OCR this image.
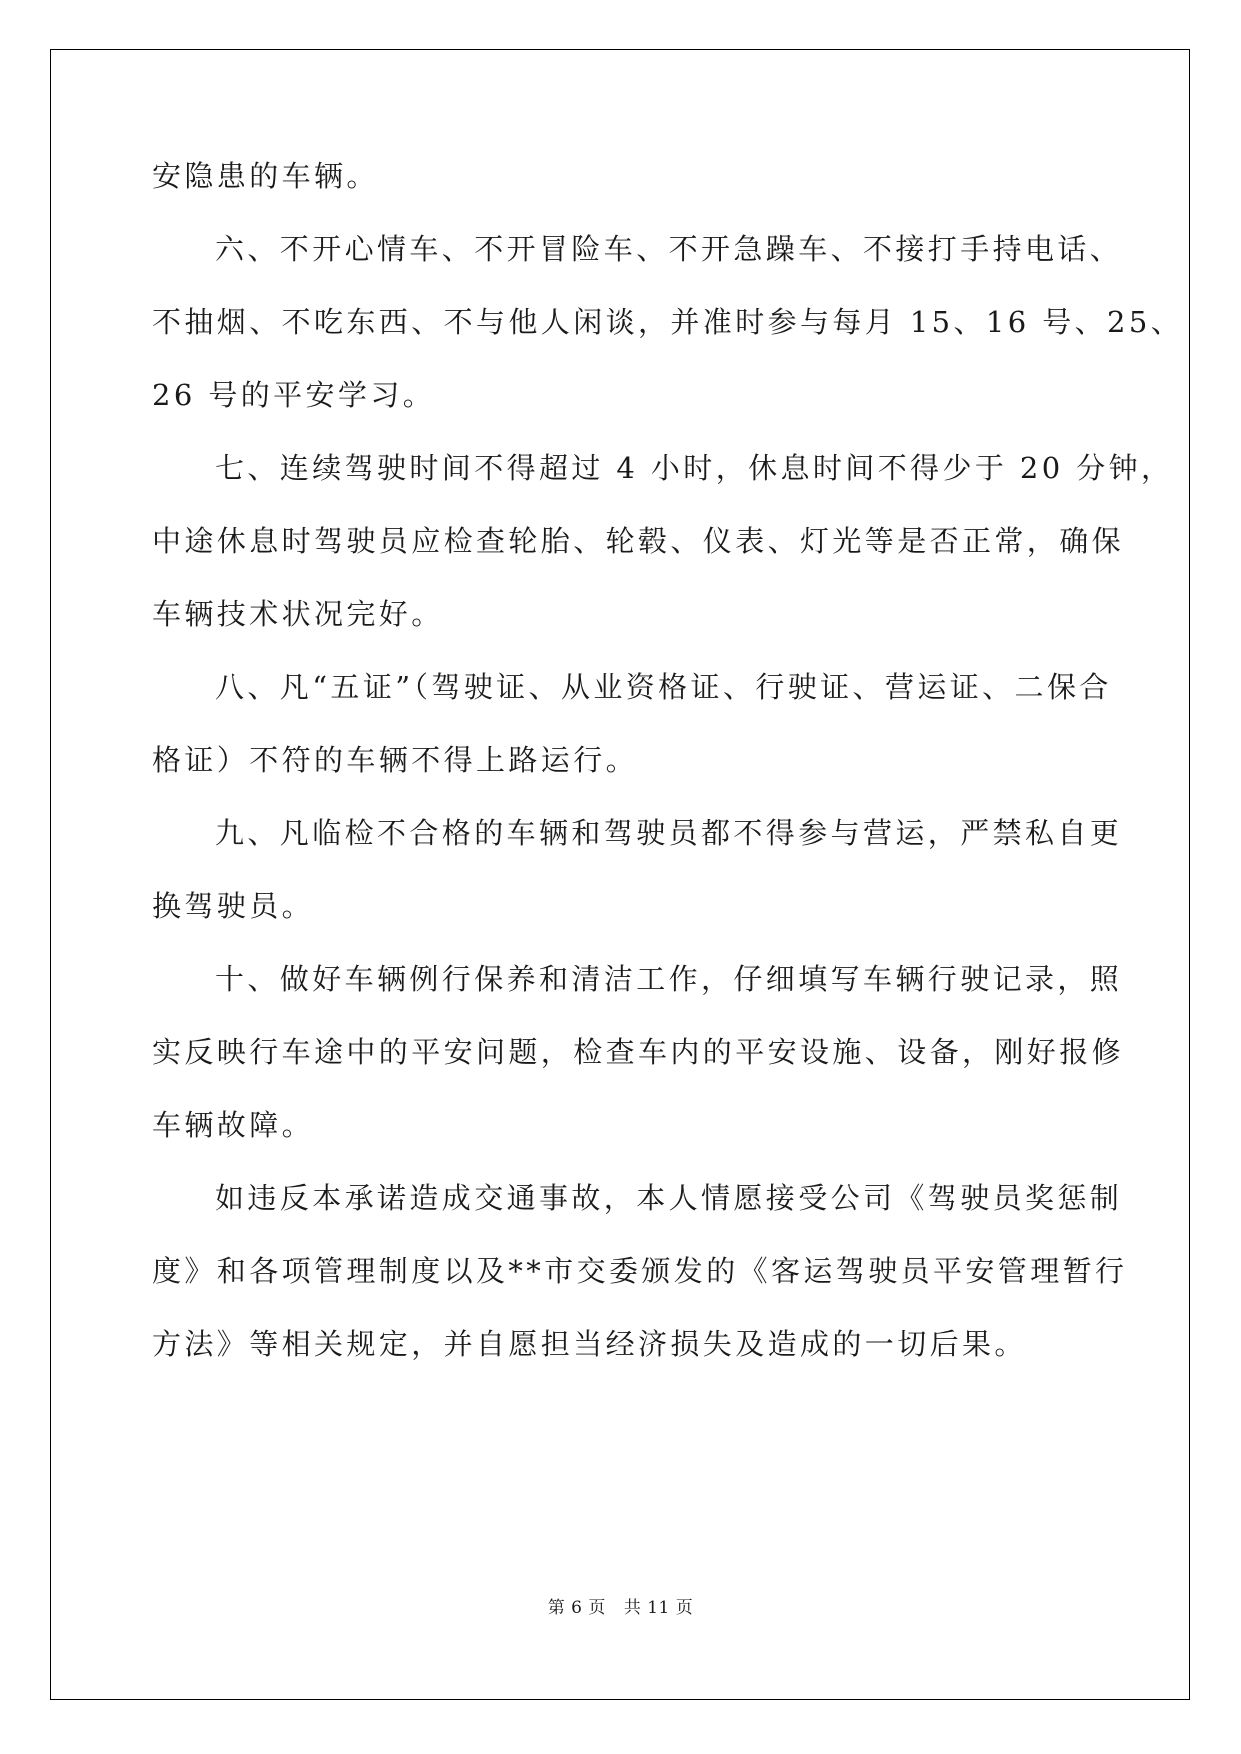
安隐患的车辆。
六、不开心情车、不开冒险车、不开急躁车、不接打手持电话、
不抽烟、不吃东西、不与他人闲谈，并准时参与每月 15、16 号、25、
26 号的平安学习。
七、连续驾驶时间不得超过 4 小时，休息时间不得少于 20 分钟，
中途休息时驾驶员应检查轮胎、轮毂、仪表、灯光等是否正常，确保
车辆技术状况完好。
八、凡“五证”（驾驶证、从业资格证、行驶证、营运证、二保合
格证）不符的车辆不得上路运行。
九、凡临检不合格的车辆和驾驶员都不得参与营运，严禁私自更
换驾驶员。
十、做好车辆例行保养和清洁工作，仔细填写车辆行驶记录，照
实反映行车途中的平安问题，检查车内的平安设施、设备，刚好报修
车辆故障。
如违反本承诺造成交通事故，本人情愿接受公司《驾驶员奖惩制
度》和各项管理制度以及**市交委颁发的《客运驾驶员平安管理暂行
方法》等相关规定，并自愿担当经济损失及造成的一切后果。
第 6 页 共 11 页
